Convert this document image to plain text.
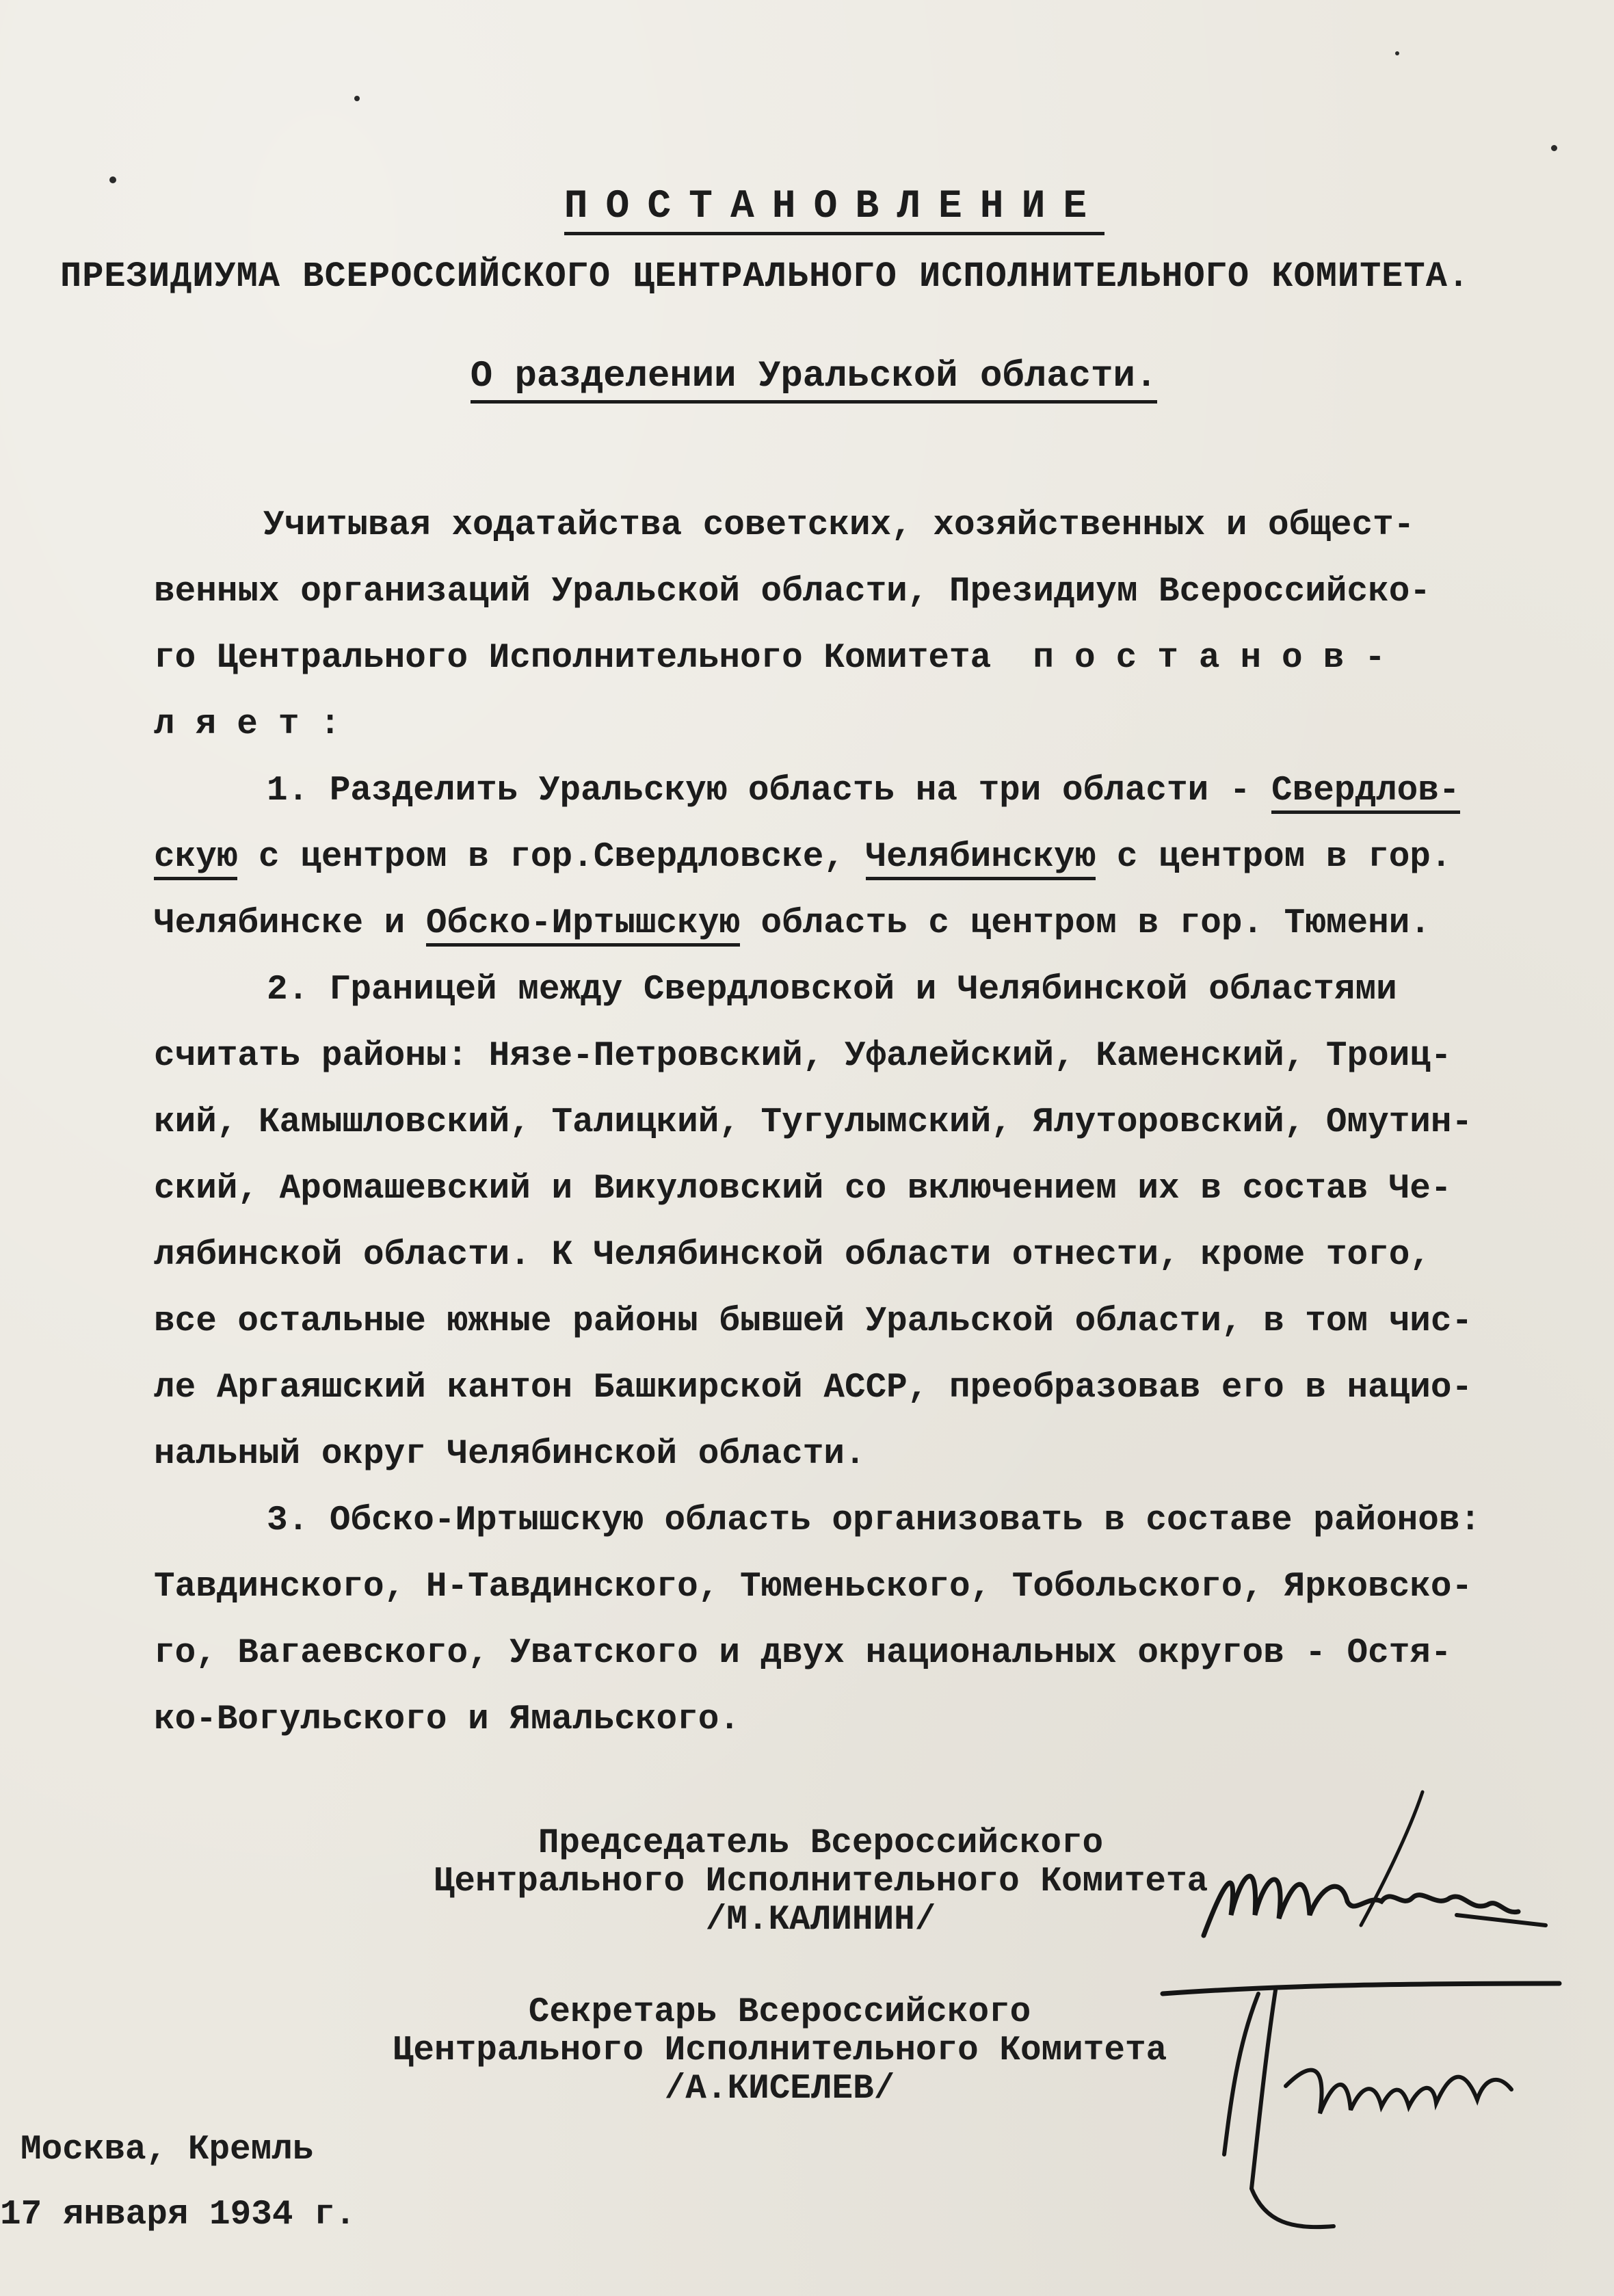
ПОСТАНОВЛЕНИЕ
ПРЕЗИДИУМА ВСЕРОССИЙСКОГО ЦЕНТРАЛЬНОГО ИСПОЛНИТЕЛЬНОГО КОМИТЕТА.
О разделении Уральской области.
Учитывая ходатайства советских, хозяйственных и общест-
венных организаций Уральской области, Президиум Всероссийско-
го Центрального Исполнительного Комитета постанов-
ляет:
1. Разделить Уральскую область на три области - Свердлов-
скую с центром в гор.Свердловске, Челябинскую с центром в гор.
Челябинске и Обско-Иртышскую область с центром в гор. Тюмени.
2. Границей между Свердловской и Челябинской областями
считать районы: Нязе-Петровский, Уфалейский, Каменский, Троиц-
кий, Камышловский, Талицкий, Тугулымский, Ялуторовский, Омутин-
ский, Аромашевский и Викуловский со включением их в состав Че-
лябинской области. К Челябинской области отнести, кроме того,
все остальные южные районы бывшей Уральской области, в том чис-
ле Аргаяшский кантон Башкирской АССР, преобразовав его в нацио-
нальный округ Челябинской области.
3. Обско-Иртышскую область организовать в составе районов:
Тавдинского, Н-Тавдинского, Тюменьского, Тобольского, Ярковско-
го, Вагаевского, Уватского и двух национальных округов - Остя-
ко-Вогульского и Ямальского.
Председатель Всероссийского
Центрального Исполнительного Комитета
/М.КАЛИНИН/
Секретарь Всероссийского
Центрального Исполнительного Комитета
/А.КИСЕЛЕВ/
Москва, Кремль
17 января 1934 г.
